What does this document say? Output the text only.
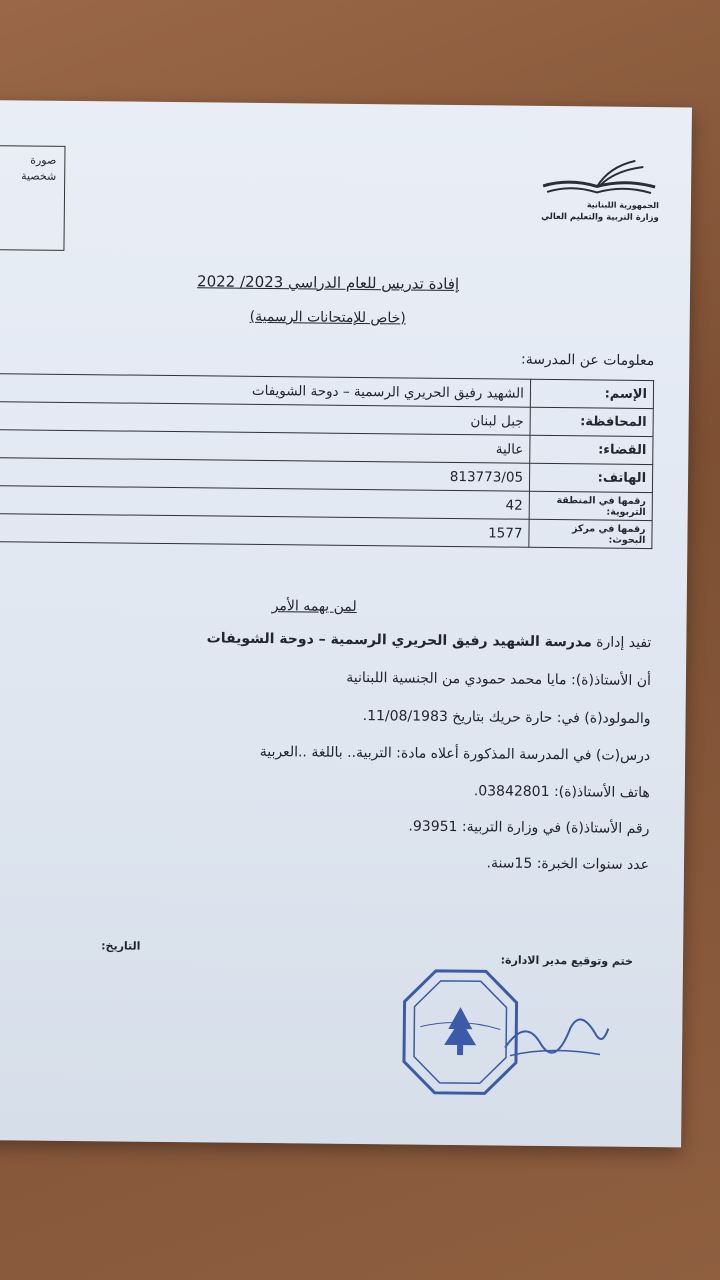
صورة
شخصية
الجمهورية اللبنانية
وزارة التربية والتعليم العالي
إفادة تدريس للعام الدراسي 2023/ 2022
(خاص للإمتحانات الرسمية)
معلومات عن المدرسة:
الإسم:	الشهيد رفيق الحريري الرسمية – دوحة الشويفات
المحافظة:	جبل لبنان
القضاء:	عالية
الهاتف:	813773/05
رقمها في المنطقة التربوية:	42
رقمها في مركز البحوث:	1577
لمن يهمه الأمر
تفيد إدارة مدرسة الشهيد رفيق الحريري الرسمية – دوحة الشويفات
أن الأستاذ(ة): مايا محمد حمودي من الجنسية اللبنانية
والمولود(ة) في: حارة حريك بتاريخ 11/08/1983.
درس(ت) في المدرسة المذكورة أعلاه مادة: التربية.. باللغة ..العربية
هاتف الأستاذ(ة): 03842801.
رقم الأستاذ(ة) في وزارة التربية: 93951.
عدد سنوات الخبرة: 15سنة.
ختم وتوقيع مدير الادارة:
التاريخ:
